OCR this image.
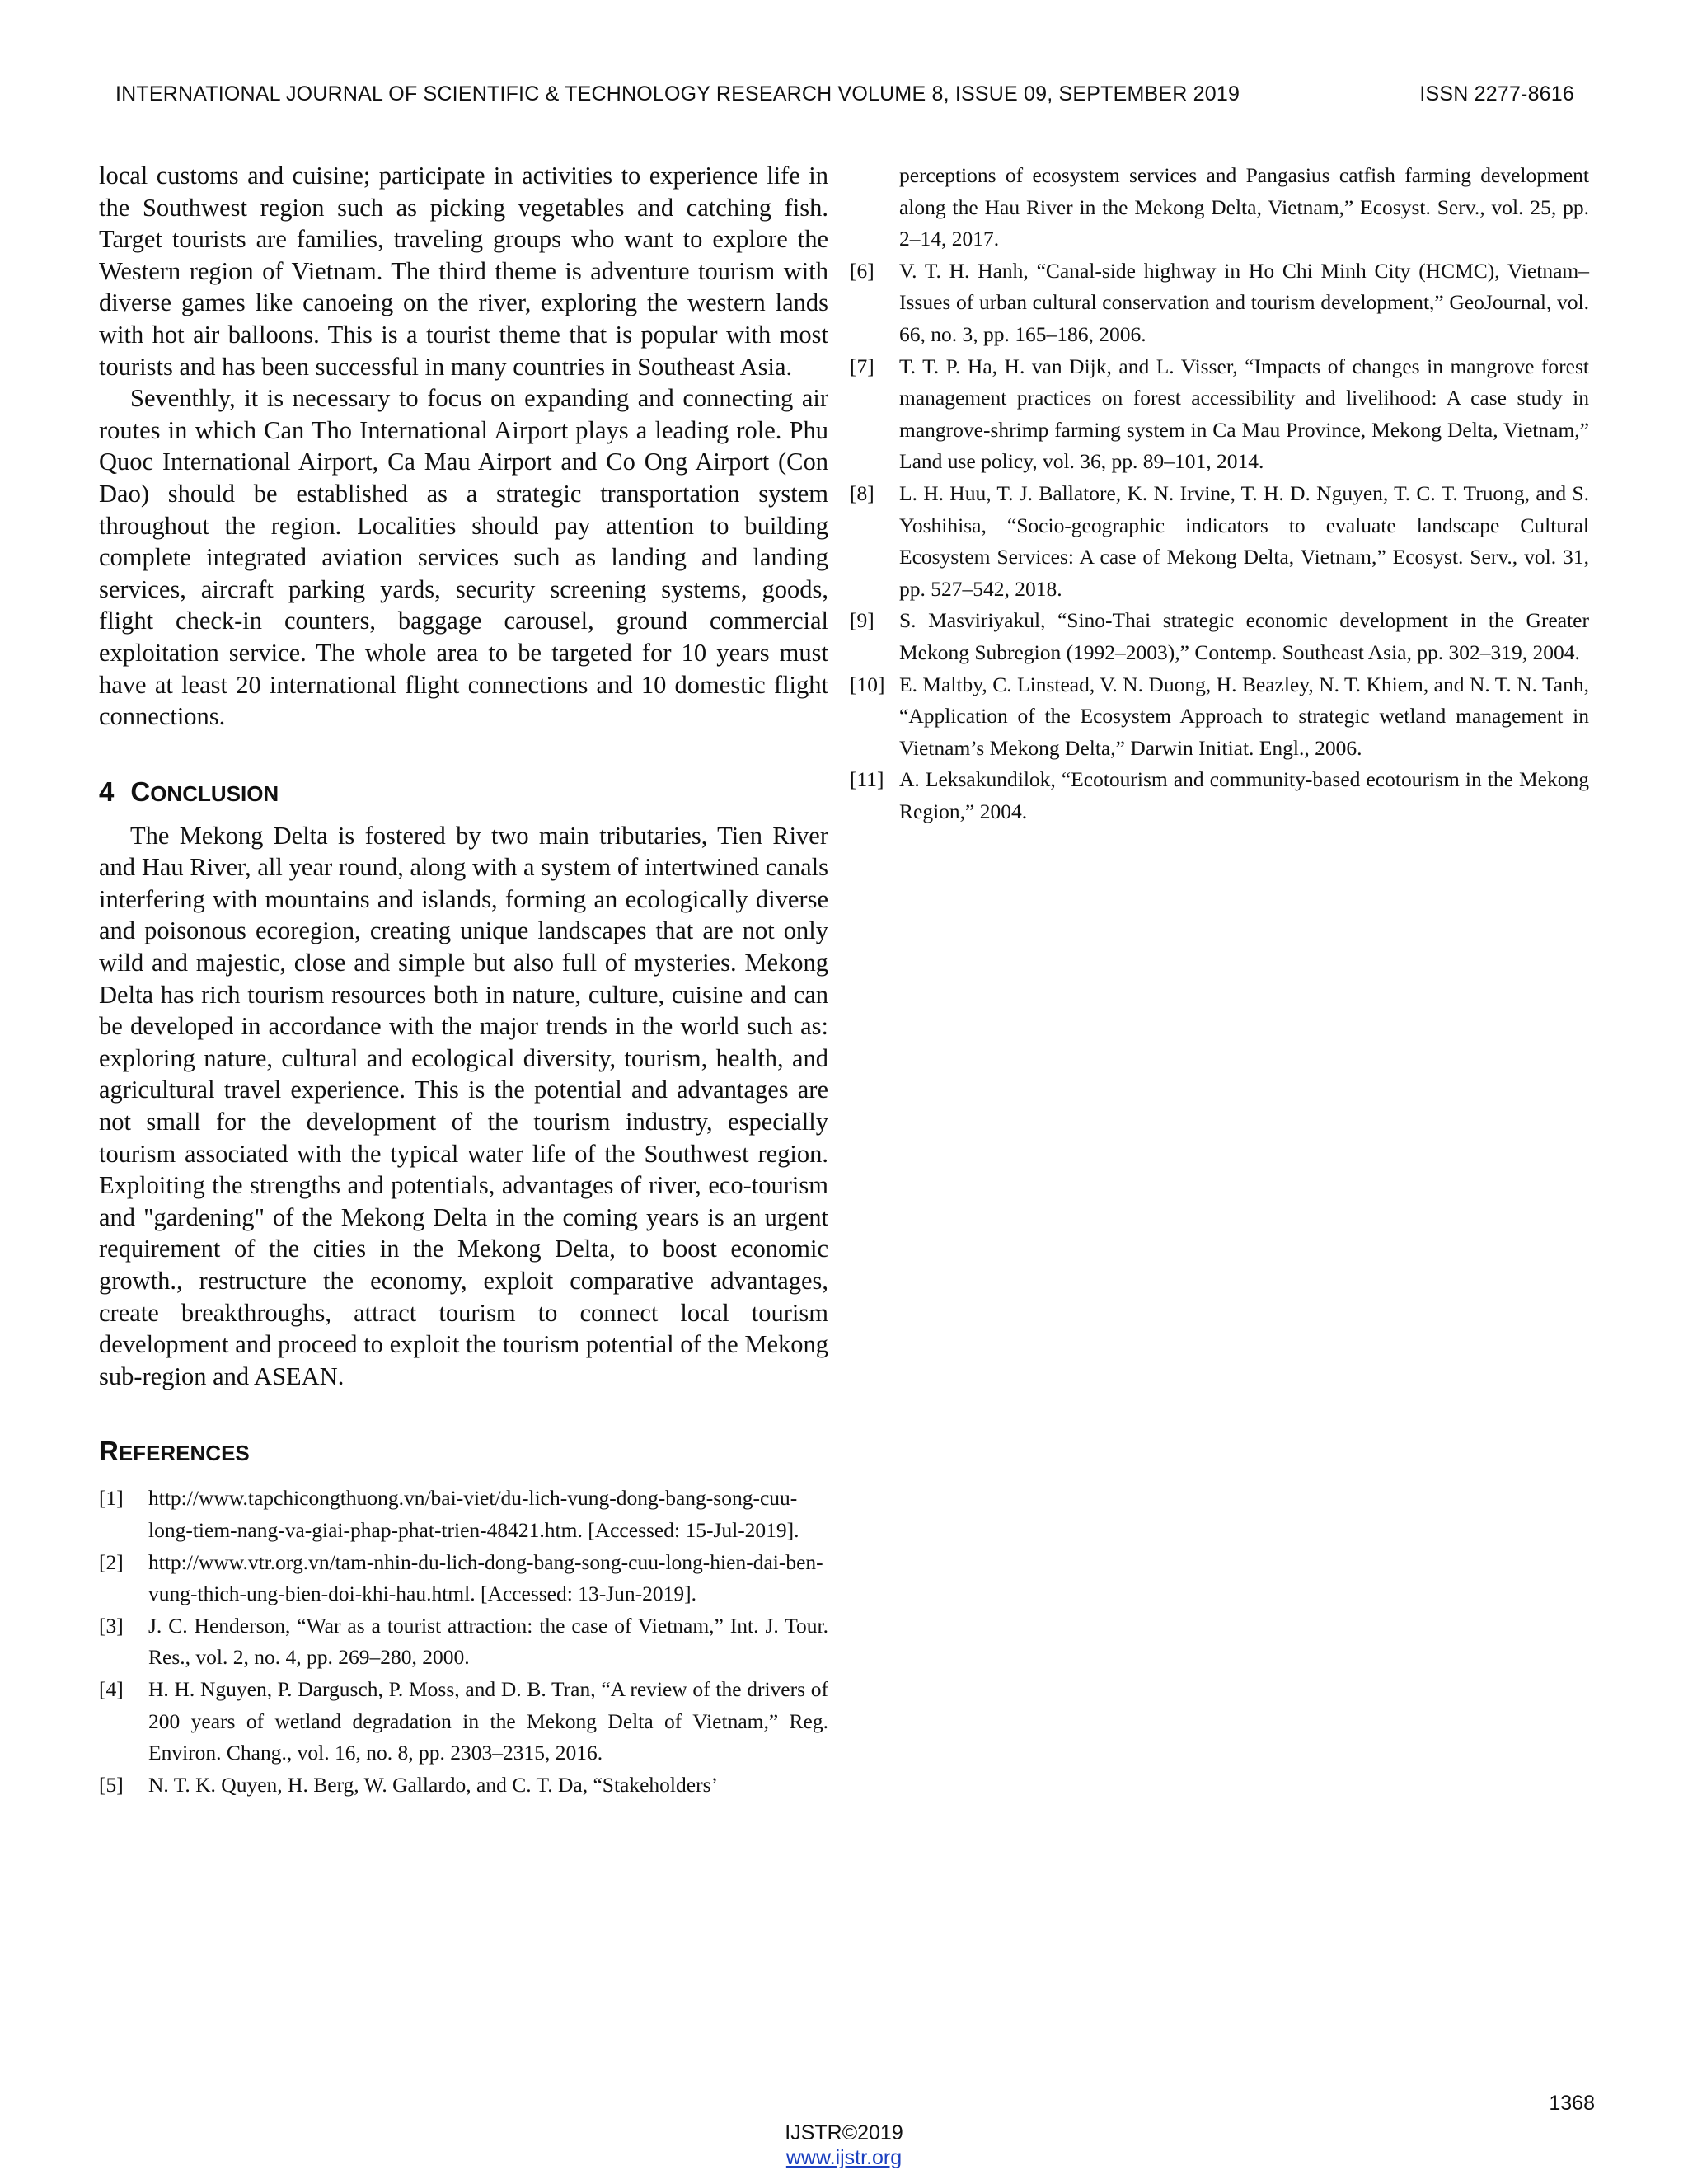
INTERNATIONAL JOURNAL OF SCIENTIFIC & TECHNOLOGY RESEARCH VOLUME 8, ISSUE 09, SEPTEMBER 2019	ISSN 2277-8616

local customs and cuisine; participate in activities to experience life in the Southwest region such as picking vegetables and catching fish. Target tourists are families, traveling groups who want to explore the Western region of Vietnam. The third theme is adventure tourism with diverse games like canoeing on the river, exploring the western lands with hot air balloons. This is a tourist theme that is popular with most tourists and has been successful in many countries in Southeast Asia.

Seventhly, it is necessary to focus on expanding and connecting air routes in which Can Tho International Airport plays a leading role. Phu Quoc International Airport, Ca Mau Airport and Co Ong Airport (Con Dao) should be established as a strategic transportation system throughout the region. Localities should pay attention to building complete integrated aviation services such as landing and landing services, aircraft parking yards, security screening systems, goods, flight check-in counters, baggage carousel, ground commercial exploitation service. The whole area to be targeted for 10 years must have at least 20 international flight connections and 10 domestic flight connections.

4 CONCLUSION

The Mekong Delta is fostered by two main tributaries, Tien River and Hau River, all year round, along with a system of intertwined canals interfering with mountains and islands, forming an ecologically diverse and poisonous ecoregion, creating unique landscapes that are not only wild and majestic, close and simple but also full of mysteries. Mekong Delta has rich tourism resources both in nature, culture, cuisine and can be developed in accordance with the major trends in the world such as: exploring nature, cultural and ecological diversity, tourism, health, and agricultural travel experience. This is the potential and advantages are not small for the development of the tourism industry, especially tourism associated with the typical water life of the Southwest region. Exploiting the strengths and potentials, advantages of river, eco-tourism and "gardening" of the Mekong Delta in the coming years is an urgent requirement of the cities in the Mekong Delta, to boost economic growth., restructure the economy, exploit comparative advantages, create breakthroughs, attract tourism to connect local tourism development and proceed to exploit the tourism potential of the Mekong sub-region and ASEAN.

REFERENCES
[1]	http://www.tapchicongthuong.vn/bai-viet/du-lich-vung-dong-bang-song-cuu-long-tiem-nang-va-giai-phap-phat-trien-48421.htm. [Accessed: 15-Jul-2019].
[2]	http://www.vtr.org.vn/tam-nhin-du-lich-dong-bang-song-cuu-long-hien-dai-ben-vung-thich-ung-bien-doi-khi-hau.html. [Accessed: 13-Jun-2019].
[3]	J. C. Henderson, “War as a tourist attraction: the case of Vietnam,” Int. J. Tour. Res., vol. 2, no. 4, pp. 269–280, 2000.
[4]	H. H. Nguyen, P. Dargusch, P. Moss, and D. B. Tran, “A review of the drivers of 200 years of wetland degradation in the Mekong Delta of Vietnam,” Reg. Environ. Chang., vol. 16, no. 8, pp. 2303–2315, 2016.
[5]	N. T. K. Quyen, H. Berg, W. Gallardo, and C. T. Da, “Stakeholders’
perceptions of ecosystem services and Pangasius catfish farming development along the Hau River in the Mekong Delta, Vietnam,” Ecosyst. Serv., vol. 25, pp. 2–14, 2017.
[6]	V. T. H. Hanh, “Canal-side highway in Ho Chi Minh City (HCMC), Vietnam–Issues of urban cultural conservation and tourism development,” GeoJournal, vol. 66, no. 3, pp. 165–186, 2006.
[7]	T. T. P. Ha, H. van Dijk, and L. Visser, “Impacts of changes in mangrove forest management practices on forest accessibility and livelihood: A case study in mangrove-shrimp farming system in Ca Mau Province, Mekong Delta, Vietnam,” Land use policy, vol. 36, pp. 89–101, 2014.
[8]	L. H. Huu, T. J. Ballatore, K. N. Irvine, T. H. D. Nguyen, T. C. T. Truong, and S. Yoshihisa, “Socio-geographic indicators to evaluate landscape Cultural Ecosystem Services: A case of Mekong Delta, Vietnam,” Ecosyst. Serv., vol. 31, pp. 527–542, 2018.
[9]	S. Masviriyakul, “Sino-Thai strategic economic development in the Greater Mekong Subregion (1992–2003),” Contemp. Southeast Asia, pp. 302–319, 2004.
[10] E. Maltby, C. Linstead, V. N. Duong, H. Beazley, N. T. Khiem, and N. T. N. Tanh, “Application of the Ecosystem Approach to strategic wetland management in Vietnam’s Mekong Delta,” Darwin Initiat. Engl., 2006.
[11] A. Leksakundilok, “Ecotourism and community-based ecotourism in the Mekong Region,” 2004.
1368
IJSTR©2019
www.ijstr.org
